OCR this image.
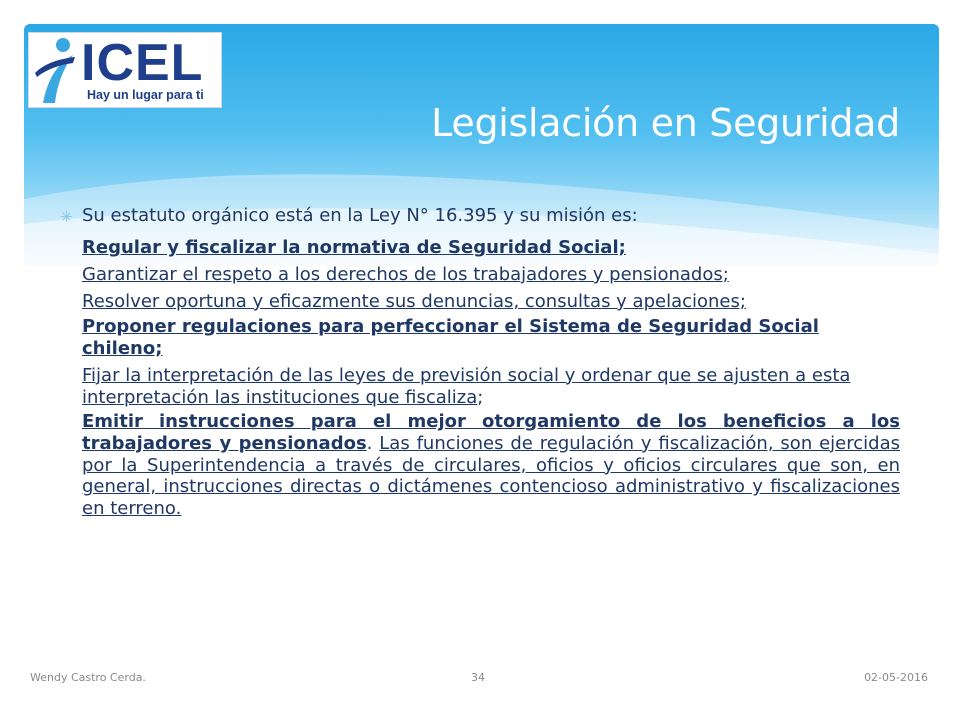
ICEL
Hay un lugar para ti
Legislación en Seguridad
✳ Su estatuto orgánico está en la Ley N° 16.395 y su misión es:
Regular y fiscalizar la normativa de Seguridad Social;
Garantizar el respeto a los derechos de los trabajadores y pensionados;
Resolver oportuna y eficazmente sus denuncias, consultas y apelaciones;
Proponer regulaciones para perfeccionar el Sistema de Seguridad Social chileno;
Fijar la interpretación de las leyes de previsión social y ordenar que se ajusten a esta interpretación las instituciones que fiscaliza;
Emitir instrucciones para el mejor otorgamiento de los beneficios a los trabajadores y pensionados. Las funciones de regulación y fiscalización, son ejercidas por la Superintendencia a través de circulares, oficios y oficios circulares que son, en general, instrucciones directas o dictámenes contencioso administrativo y fiscalizaciones en terreno.
Wendy Castro Cerda.	34	02-05-2016
